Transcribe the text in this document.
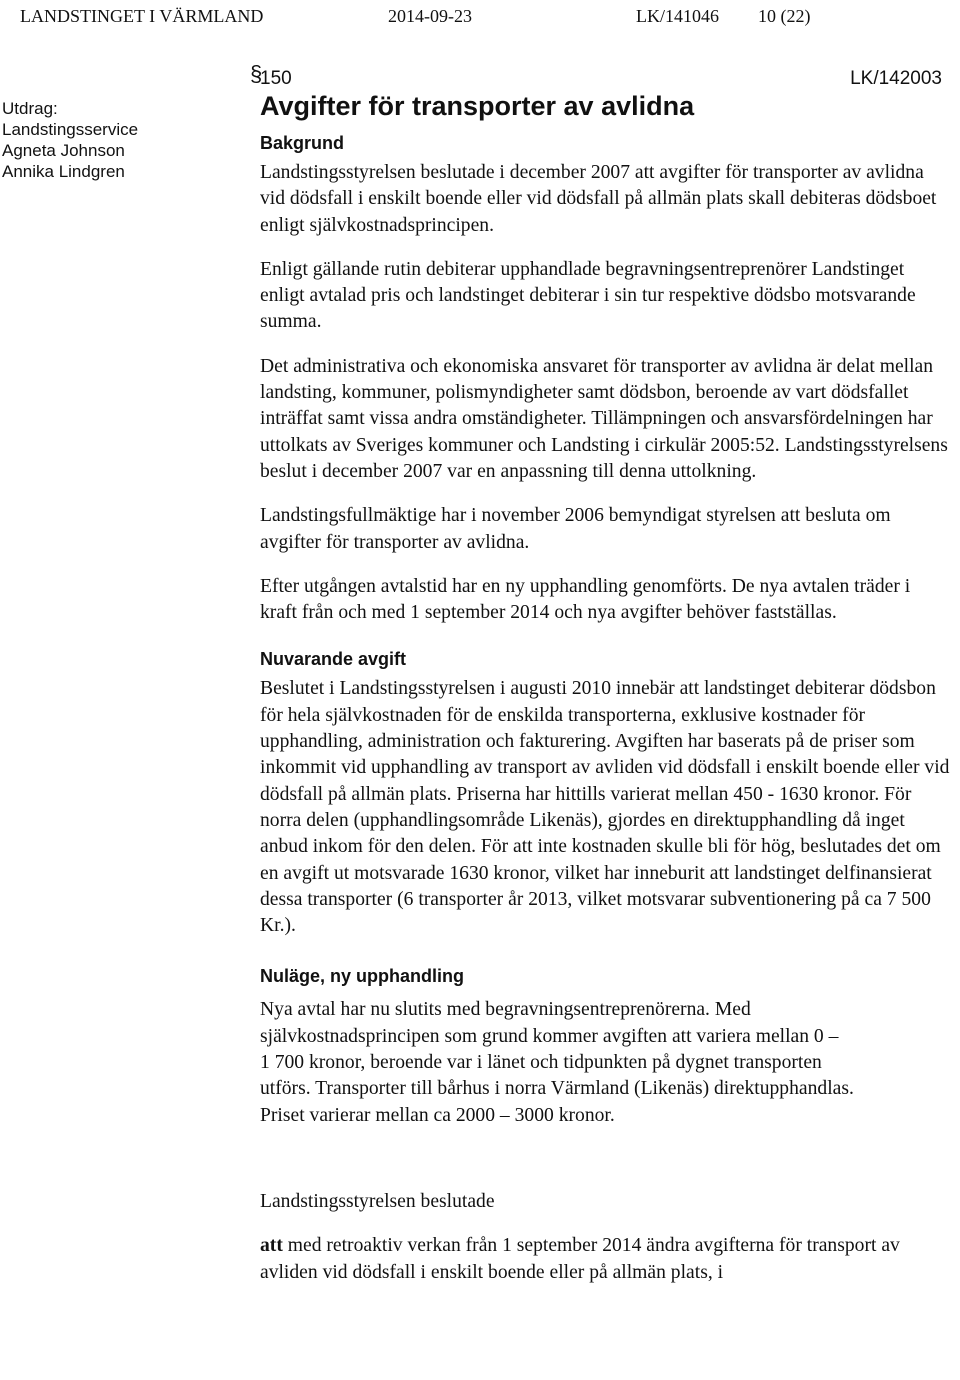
LANDSTINGET I VÄRMLAND	2014-09-23	LK/141046 10 (22)
Utdrag:
Landstingsservice
Agneta Johnson
Annika Lindgren
§
150	LK/142003
Avgifter för transporter av avlidna
Bakgrund

Landstingsstyrelsen beslutade i december 2007 att avgifter för transporter av avlidna vid dödsfall i enskilt boende eller vid dödsfall på allmän plats skall debiteras dödsboet enligt självkostnadsprincipen.

Enligt gällande rutin debiterar upphandlade begravningsentreprenörer Landstinget enligt avtalad pris och landstinget debiterar i sin tur respektive dödsbo motsvarande summa.

Det administrativa och ekonomiska ansvaret för transporter av avlidna är delat mellan landsting, kommuner, polismyndigheter samt dödsbon, beroende av vart dödsfallet inträffat samt vissa andra omständigheter. Tillämpningen och ansvarsfördelningen har uttolkats av Sveriges kommuner och Landsting i cirkulär 2005:52. Landstingsstyrelsens beslut i december 2007 var en anpassning till denna uttolkning.

Landstingsfullmäktige har i november 2006 bemyndigat styrelsen att besluta om avgifter för transporter av avlidna.

Efter utgången avtalstid har en ny upphandling genomförts. De nya avtalen träder i kraft från och med 1 september 2014 och nya avgifter behöver fastställas.

Nuvarande avgift

Beslutet i Landstingsstyrelsen i augusti 2010 innebär att landstinget debiterar dödsbon för hela självkostnaden för de enskilda transporterna, exklusive kostnader för upphandling, administration och fakturering. Avgiften har baserats på de priser som inkommit vid upphandling av transport av avliden vid dödsfall i enskilt boende eller vid dödsfall på allmän plats. Priserna har hittills varierat mellan 450 - 1630 kronor. För norra delen (upphandlingsområde Likenäs), gjordes en direktupphandling då inget anbud inkom för den delen. För att inte kostnaden skulle bli för hög, beslutades det om en avgift ut motsvarade 1630 kronor, vilket har inneburit att landstinget delfinansierat dessa transporter (6 transporter år 2013, vilket motsvarar subventionering på ca 7 500 Kr.).

Nuläge, ny upphandling

Nya avtal har nu slutits med begravningsentreprenörerna. Med
självkostnadsprincipen som grund kommer avgiften att variera mellan 0 –
1 700 kronor, beroende var i länet och tidpunkten på dygnet transporten
utförs. Transporter till bårhus i norra Värmland (Likenäs) direktupphandlas.
Priset varierar mellan ca 2000 – 3000 kronor.

Landstingsstyrelsen beslutade

att med retroaktiv verkan från 1 september 2014 ändra avgifterna för transport av avliden vid dödsfall i enskilt boende eller på allmän plats, i
